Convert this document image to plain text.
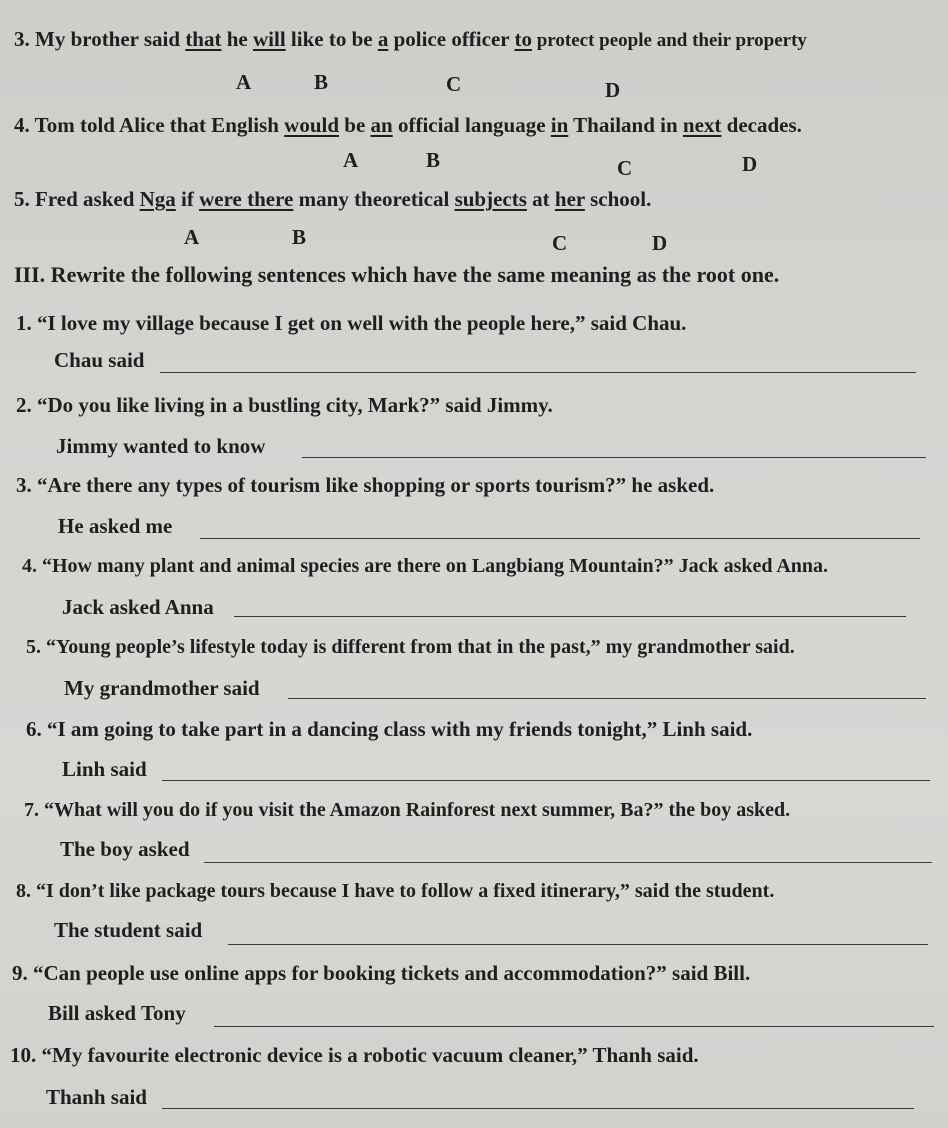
3. My brother said that he will like to be a police officer to protect people and their property
A	B	C	D
4. Tom told Alice that English would be an official language in Thailand in next decades.
A	B	C	D
5. Fred asked Nga if were there many theoretical subjects at her school.
A	B	C	D
III. Rewrite the following sentences which have the same meaning as the root one.
1. “I love my village because I get on well with the people here,” said Chau.
Chau said
2. “Do you like living in a bustling city, Mark?” said Jimmy.
Jimmy wanted to know
3. “Are there any types of tourism like shopping or sports tourism?” he asked.
He asked me
4. “How many plant and animal species are there on Langbiang Mountain?” Jack asked Anna.
Jack asked Anna
5. “Young people’s lifestyle today is different from that in the past,” my grandmother said.
My grandmother said
6. “I am going to take part in a dancing class with my friends tonight,” Linh said.
Linh said
7. “What will you do if you visit the Amazon Rainforest next summer, Ba?” the boy asked.
The boy asked
8. “I don’t like package tours because I have to follow a fixed itinerary,” said the student.
The student said
9. “Can people use online apps for booking tickets and accommodation?” said Bill.
Bill asked Tony
10. “My favourite electronic device is a robotic vacuum cleaner,” Thanh said.
Thanh said
